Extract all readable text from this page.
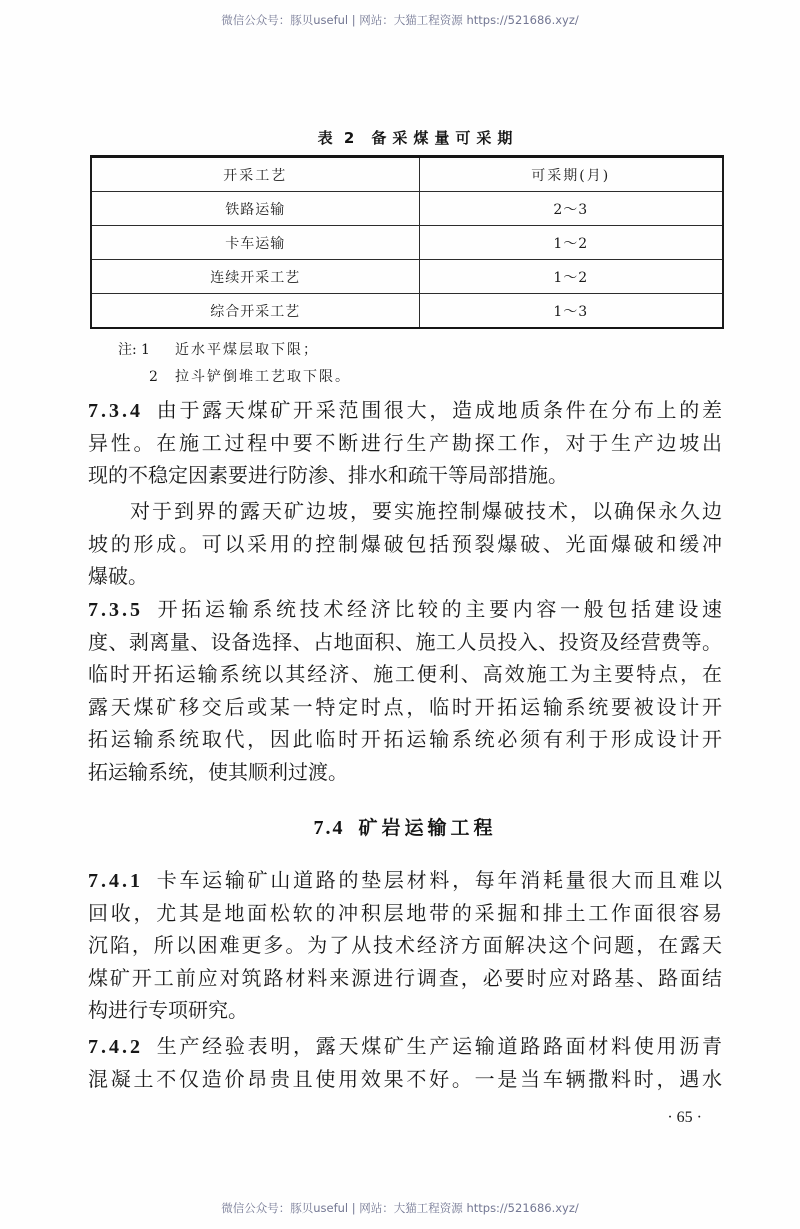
微信公众号：豚贝useful | 网站：大猫工程资源 https://521686.xyz/
表 2 备采煤量可采期
开采工艺	可采期(月)
铁路运输	2～3
卡车运输	1～2
连续开采工艺	1～2
综合开采工艺	1～3
注: 1 近水平煤层取下限；
2 拉斗铲倒堆工艺取下限。
7.3.4 由于露天煤矿开采范围很大，造成地质条件在分布上的差
异性。在施工过程中要不断进行生产勘探工作，对于生产边坡出
现的不稳定因素要进行防渗、排水和疏干等局部措施。
对于到界的露天矿边坡，要实施控制爆破技术，以确保永久边
坡的形成。可以采用的控制爆破包括预裂爆破、光面爆破和缓冲
爆破。
7.3.5 开拓运输系统技术经济比较的主要内容一般包括建设速
度、剥离量、设备选择、占地面积、施工人员投入、投资及经营费等。
临时开拓运输系统以其经济、施工便利、高效施工为主要特点，在
露天煤矿移交后或某一特定时点，临时开拓运输系统要被设计开
拓运输系统取代，因此临时开拓运输系统必须有利于形成设计开
拓运输系统，使其顺利过渡。
7.4 矿岩运输工程
7.4.1 卡车运输矿山道路的垫层材料，每年消耗量很大而且难以
回收，尤其是地面松软的冲积层地带的采掘和排土工作面很容易
沉陷，所以困难更多。为了从技术经济方面解决这个问题，在露天
煤矿开工前应对筑路材料来源进行调查，必要时应对路基、路面结
构进行专项研究。
7.4.2 生产经验表明，露天煤矿生产运输道路路面材料使用沥青
混凝土不仅造价昂贵且使用效果不好。一是当车辆撒料时，遇水
· 65 ·
微信公众号：豚贝useful | 网站：大猫工程资源 https://521686.xyz/
